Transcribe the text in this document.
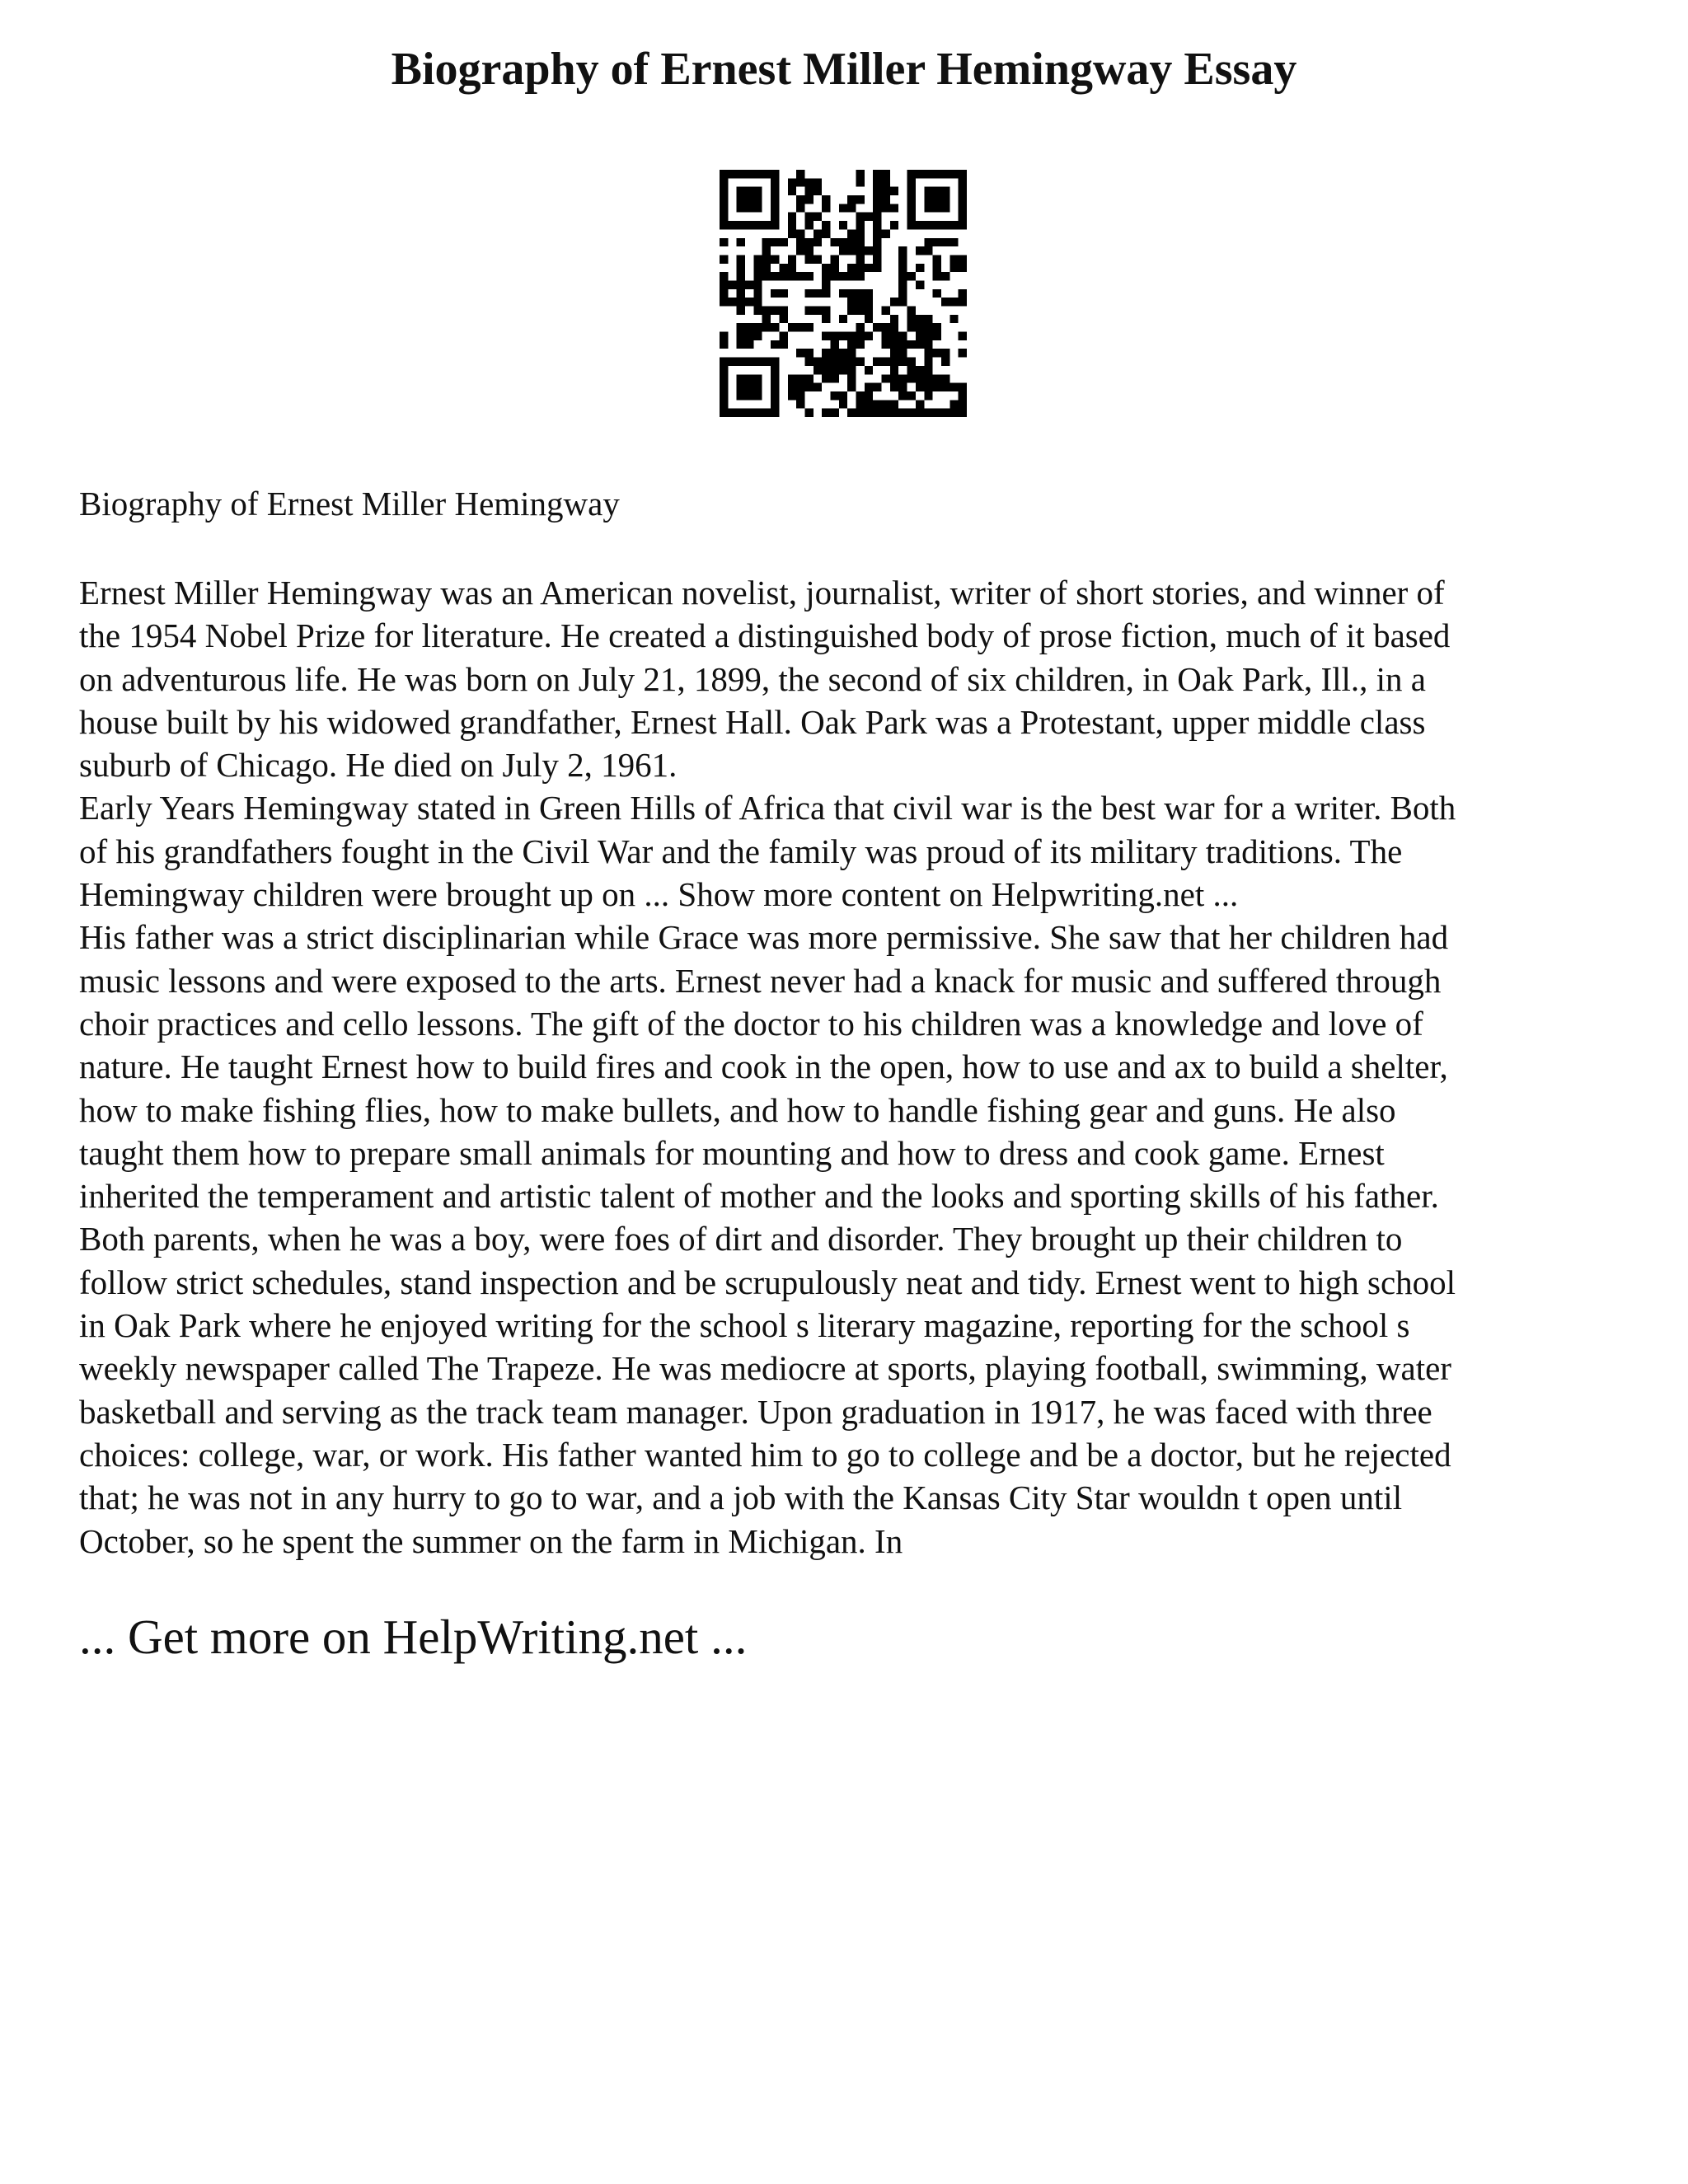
Biography of Ernest Miller Hemingway Essay

Biography of Ernest Miller Hemingway

Ernest Miller Hemingway was an American novelist, journalist, writer of short stories, and winner of
the 1954 Nobel Prize for literature. He created a distinguished body of prose fiction, much of it based
on adventurous life. He was born on July 21, 1899, the second of six children, in Oak Park, Ill., in a
house built by his widowed grandfather, Ernest Hall. Oak Park was a Protestant, upper middle class
suburb of Chicago. He died on July 2, 1961.
Early Years Hemingway stated in Green Hills of Africa that civil war is the best war for a writer. Both
of his grandfathers fought in the Civil War and the family was proud of its military traditions. The
Hemingway children were brought up on ... Show more content on Helpwriting.net ...
His father was a strict disciplinarian while Grace was more permissive. She saw that her children had
music lessons and were exposed to the arts. Ernest never had a knack for music and suffered through
choir practices and cello lessons. The gift of the doctor to his children was a knowledge and love of
nature. He taught Ernest how to build fires and cook in the open, how to use and ax to build a shelter,
how to make fishing flies, how to make bullets, and how to handle fishing gear and guns. He also
taught them how to prepare small animals for mounting and how to dress and cook game. Ernest
inherited the temperament and artistic talent of mother and the looks and sporting skills of his father.
Both parents, when he was a boy, were foes of dirt and disorder. They brought up their children to
follow strict schedules, stand inspection and be scrupulously neat and tidy. Ernest went to high school
in Oak Park where he enjoyed writing for the school s literary magazine, reporting for the school s
weekly newspaper called The Trapeze. He was mediocre at sports, playing football, swimming, water
basketball and serving as the track team manager. Upon graduation in 1917, he was faced with three
choices: college, war, or work. His father wanted him to go to college and be a doctor, but he rejected
that; he was not in any hurry to go to war, and a job with the Kansas City Star wouldn t open until
October, so he spent the summer on the farm in Michigan. In

... Get more on HelpWriting.net ...
